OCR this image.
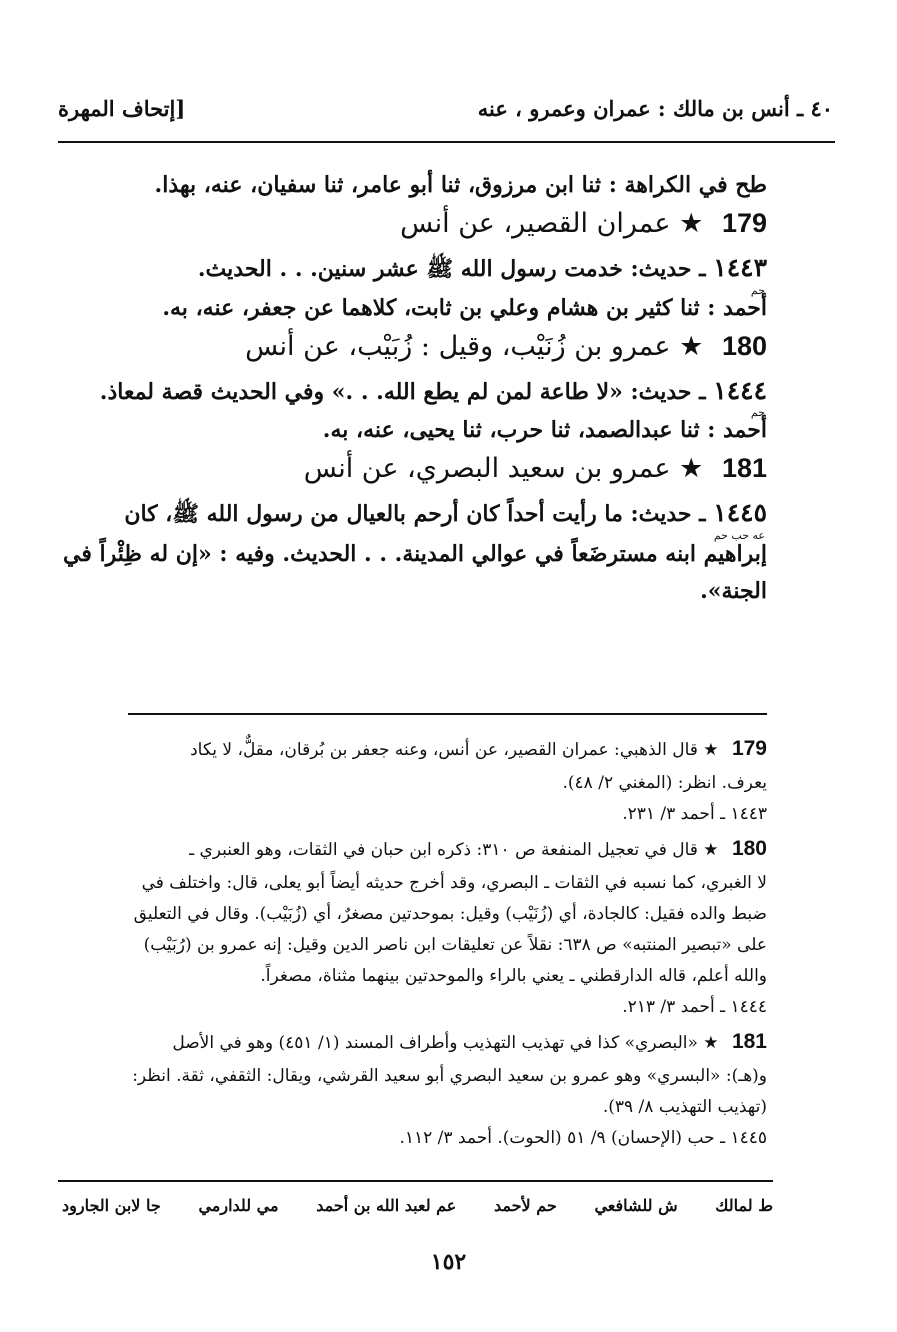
٤٠ ـ أنس بن مالك : عمران وعمرو ، عنه
[إتحاف المهرة

طح في الكراهة : ثنا ابن مرزوق، ثنا أبو عامر، ثنا سفيان، عنه، بهذا.

179 ★ عمران القصير، عن أنس

١٤٤٣ ـ حديث: خدمت رسول الله ﷺ عشر سنين. . . الحديث.

حم

أحمد : ثنا كثير بن هشام وعلي بن ثابت، كلاهما عن جعفر، عنه، به.

180 ★ عمرو بن زُنَيْب، وقيل : زُبَيْب، عن أنس

١٤٤٤ ـ حديث: «لا طاعة لمن لم يطع الله. . .» وفي الحديث قصة لمعاذ.

حم

أحمد : ثنا عبدالصمد، ثنا حرب، ثنا يحيى، عنه، به.

181 ★ عمرو بن سعيد البصري، عن أنس

١٤٤٥ ـ حديث: ما رأيت أحداً كان أرحم بالعيال من رسول الله ﷺ، كان

عه حب حم

إبراهيم ابنه مسترضَعاً في عوالي المدينة. . . الحديث. وفيه : «إن له ظِئْراً في

الجنة».

179 ★ قال الذهبي: عمران القصير، عن أنس، وعنه جعفر بن بُرقان، مقلٌّ، لا يكاد

يعرف. انظر: (المغني ٢/ ٤٨).

١٤٤٣ ـ أحمد ٣/ ٢٣١.

180 ★ قال في تعجيل المنفعة ص ٣١٠: ذكره ابن حبان في الثقات، وهو العنبري ـ

لا الغبري، كما نسبه في الثقات ـ البصري، وقد أخرج حديثه أيضاً أبو يعلى، قال: واختلف في

ضبط والده فقيل: كالجادة، أي (زُنَيْب) وقيل: بموحدتين مصغرٌ، أي (زُبَيْب). وقال في التعليق

على «تبصير المنتبه» ص ٦٣٨: نقلاً عن تعليقات ابن ناصر الدين وقيل: إنه عمرو بن (رُبَيْب)

والله أعلم، قاله الدارقطني ـ يعني بالراء والموحدتين بينهما مثناة، مصغراً.

١٤٤٤ ـ أحمد ٣/ ٢١٣.

181 ★ «البصري» كذا في تهذيب التهذيب وأطراف المسند (١/ ٤٥١) وهو في الأصل

و(هـ): «البسري» وهو عمرو بن سعيد البصري أبو سعيد القرشي، ويقال: الثقفي، ثقة. انظر:

(تهذيب التهذيب ٨/ ٣٩).

١٤٤٥ ـ حب (الإحسان) ٩/ ٥١ (الحوت). أحمد ٣/ ١١٢.

ط لمالك
ش للشافعي
حم لأحمد
عم لعبد الله بن أحمد
مي للدارمي
جا لابن الجارود
١٥٢
